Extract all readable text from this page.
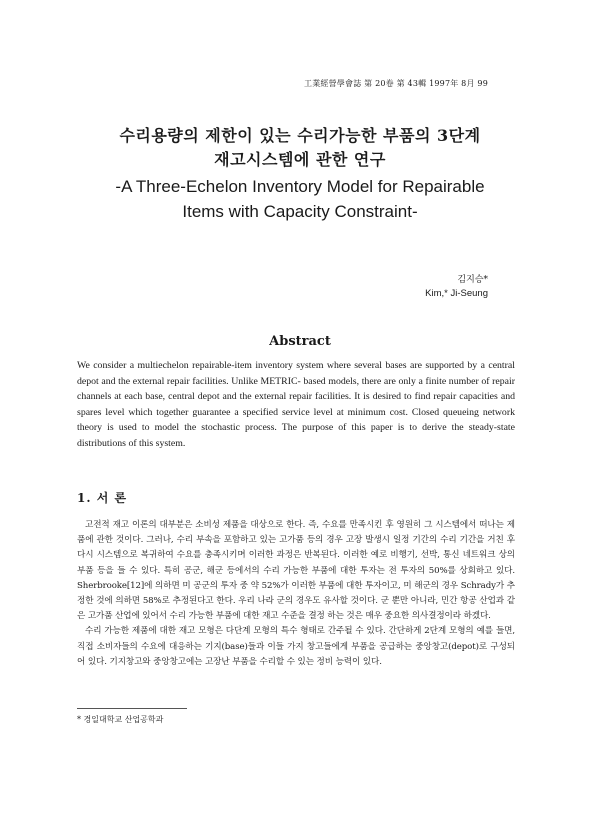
工業經營學會誌 第 20卷 第 43輯 1997年 8月 99
수리용량의 제한이 있는 수리가능한 부품의 3단계
재고시스템에 관한 연구
-A Three-Echelon Inventory Model for Repairable
Items with Capacity Constraint-
김지승*
Kim,* Ji-Seung
Abstract
We consider a multiechelon repairable-item inventory system where several bases are supported by a central depot and the external repair facilities. Unlike METRIC- based models, there are only a finite number of repair channels at each base, central depot and the external repair facilities. It is desired to find repair capacities and spares level which together guarantee a specified service level at minimum cost. Closed queueing network theory is used to model the stochastic process. The purpose of this paper is to derive the steady-state distributions of this system.
1. 서 론

고전적 재고 이론의 대부분은 소비성 제품을 대상으로 한다. 즉, 수요를 만족시킨 후 영원히 그 시스템에서 떠나는 제품에 관한 것이다. 그러나, 수리 부속을 포함하고 있는 고가품 등의 경우 고장 발생시 일정 기간의 수리 기간을 거친 후 다시 시스템으로 복귀하여 수요를 충족시키며 이러한 과정은 반복된다. 이러한 예로 비행기, 선박, 통신 네트워크 상의 부품 등을 들 수 있다. 특히 공군, 해군 등에서의 수리 가능한 부품에 대한 투자는 전 투자의 50%를 상회하고 있다. Sherbrooke[12]에 의하면 미 공군의 투자 중 약 52%가 이러한 부품에 대한 투자이고, 미 해군의 경우 Schrady가 추정한 것에 의하면 58%로 추정된다고 한다. 우리 나라 군의 경우도 유사할 것이다. 군 뿐만 아니라, 민간 항공 산업과 같은 고가품 산업에 있어서 수리 가능한 부품에 대한 재고 수준을 결정 하는 것은 매우 중요한 의사결정이라 하겠다.

수리 가능한 제품에 대한 재고 모형은 다단계 모형의 특수 형태로 간주될 수 있다. 간단하게 2단계 모형의 예를 들면, 직접 소비자들의 수요에 대응하는 기지(base)들과 이들 가지 창고들에게 부품을 공급하는 중앙창고(depot)로 구성되어 있다. 기지창고와 중앙창고에는 고장난 부품을 수리할 수 있는 정비 능력이 있다.

* 경일대학교 산업공학과
